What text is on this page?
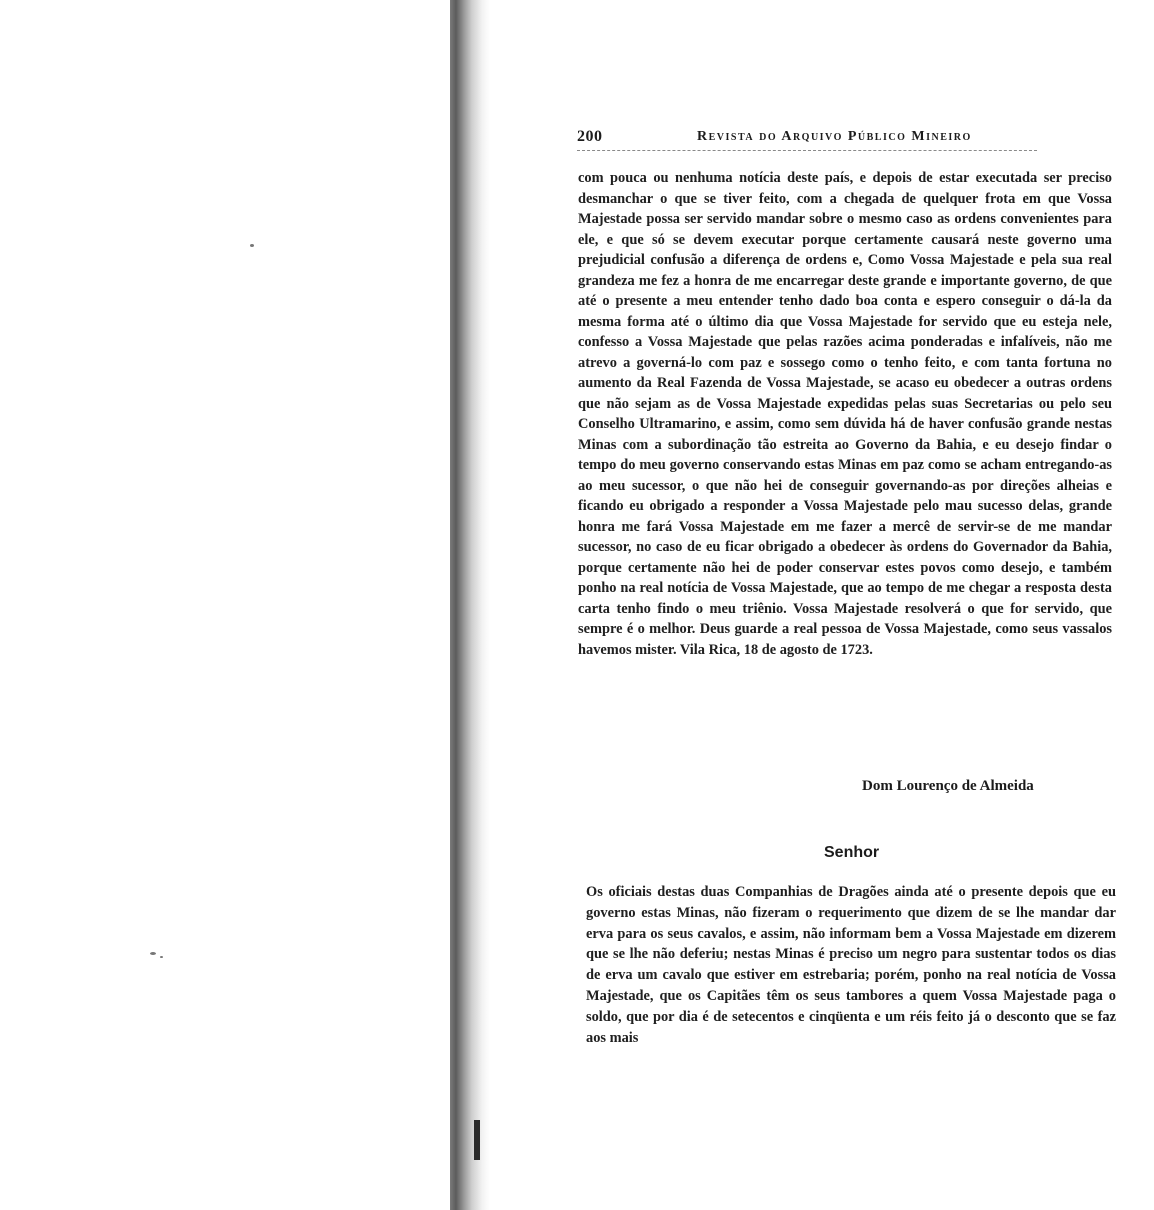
200	Revista do Arquivo Público Mineiro
com pouca ou nenhuma notícia deste país, e depois de estar executada ser preciso desmanchar o que se tiver feito, com a chegada de quelquer frota em que Vossa Majestade possa ser servido mandar sobre o mesmo caso as ordens convenientes para ele, e que só se devem executar porque certamente causará neste governo uma prejudicial confusão a diferença de ordens e, Como Vossa Majestade e pela sua real grandeza me fez a honra de me encarregar deste grande e importante governo, de que até o presente a meu entender tenho dado boa conta e espero conseguir o dá-la da mesma forma até o último dia que Vossa Majestade for servido que eu esteja nele, confesso a Vossa Majestade que pelas razões acima ponderadas e infalíveis, não me atrevo a governá-lo com paz e sossego como o tenho feito, e com tanta fortuna no aumento da Real Fazenda de Vossa Majestade, se acaso eu obedecer a outras ordens que não sejam as de Vossa Majestade expedidas pelas suas Secretarias ou pelo seu Conselho Ultramarino, e assim, como sem dúvida há de haver confusão grande nestas Minas com a subordinação tão estreita ao Governo da Bahia, e eu desejo findar o tempo do meu governo conservando estas Minas em paz como se acham entregando-as ao meu sucessor, o que não hei de conseguir governando-as por direções alheias e ficando eu obrigado a responder a Vossa Majestade pelo mau sucesso delas, grande honra me fará Vossa Majestade em me fazer a mercê de servir-se de me mandar sucessor, no caso de eu ficar obrigado a obedecer às ordens do Governador da Bahia, porque certamente não hei de poder conservar estes povos como desejo, e também ponho na real notícia de Vossa Majestade, que ao tempo de me chegar a resposta desta carta tenho findo o meu triênio. Vossa Majestade resolverá o que for servido, que sempre é o melhor. Deus guarde a real pessoa de Vossa Majestade, como seus vassalos havemos mister. Vila Rica, 18 de agosto de 1723.
Dom Lourenço de Almeida
Senhor
Os oficiais destas duas Companhias de Dragões ainda até o presente depois que eu governo estas Minas, não fizeram o requerimento que dizem de se lhe mandar dar erva para os seus cavalos, e assim, não informam bem a Vossa Majestade em dizerem que se lhe não deferiu; nestas Minas é preciso um negro para sustentar todos os dias de erva um cavalo que estiver em estrebaria; porém, ponho na real notícia de Vossa Majestade, que os Capitães têm os seus tambores a quem Vossa Majestade paga o soldo, que por dia é de setecentos e cinqüenta e um réis feito já o desconto que se faz aos mais
